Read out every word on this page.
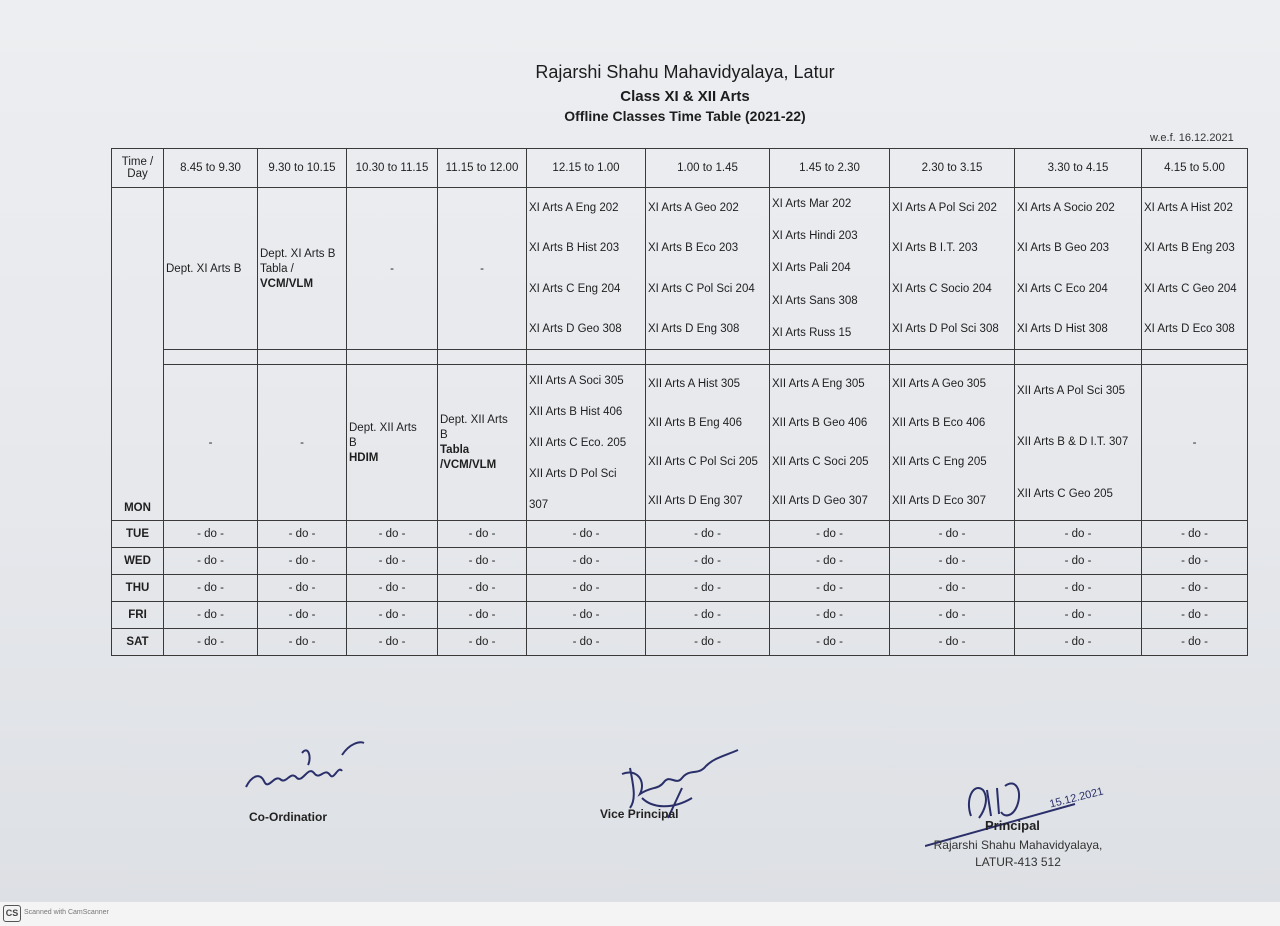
Rajarshi Shahu Mahavidyalaya, Latur
Class XI & XII Arts
Offline Classes Time Table (2021-22)
w.e.f. 16.12.2021
Time / Day	8.45 to 9.30	9.30 to 10.15	10.30 to 11.15	11.15 to 12.00	12.15 to 1.00	1.00 to 1.45	1.45 to 2.30	2.30 to 3.15	3.30 to 4.15	4.15 to 5.00
MON	Dept. XI Arts B	Dept. XI Arts B
Tabla /
VCM/VLM	-	-	XI Arts A Eng 202
XI Arts B Hist 203
XI Arts C Eng 204
XI Arts D Geo 308	XI Arts A Geo 202
XI Arts B Eco 203
XI Arts C Pol Sci 204
XI Arts D Eng 308	XI Arts Mar 202
XI Arts Hindi 203
XI Arts Pali 204
XI Arts Sans 308
XI Arts Russ 15	XI Arts A Pol Sci 202
XI Arts B I.T. 203
XI Arts C Socio 204
XI Arts D Pol Sci 308	XI Arts A Socio 202
XI Arts B Geo 203
XI Arts C Eco 204
XI Arts D Hist 308	XI Arts A Hist 202
XI Arts B Eng 203
XI Arts C Geo 204
XI Arts D Eco 308

	-	-	Dept. XII Arts
B
HDIM	Dept. XII Arts
B
Tabla
/VCM/VLM	XII Arts A Soci 305
XII Arts B Hist 406
XII Arts C Eco. 205
XII Arts D Pol Sci
307	XII Arts A Hist 305
XII Arts B Eng 406
XII Arts C Pol Sci 205
XII Arts D Eng 307	XII Arts A Eng 305
XII Arts B Geo 406
XII Arts C Soci 205
XII Arts D Geo 307	XII Arts A Geo 305
XII Arts B Eco 406
XII Arts C Eng 205
XII Arts D Eco 307	XII Arts A Pol Sci 305
XII Arts B & D I.T. 307
XII Arts C Geo 205	-
TUE	- do -	- do -	- do -	- do -	- do -	- do -	- do -	- do -	- do -	- do -
WED	- do -	- do -	- do -	- do -	- do -	- do -	- do -	- do -	- do -	- do -
THU	- do -	- do -	- do -	- do -	- do -	- do -	- do -	- do -	- do -	- do -
FRI	- do -	- do -	- do -	- do -	- do -	- do -	- do -	- do -	- do -	- do -
SAT	- do -	- do -	- do -	- do -	- do -	- do -	- do -	- do -	- do -	- do -
Co-Ordinatior	Vice Principal
15.12.2021
Principal
Rajarshi Shahu Mahavidyalaya,
LATUR-413 512
CS Scanned with CamScanner
